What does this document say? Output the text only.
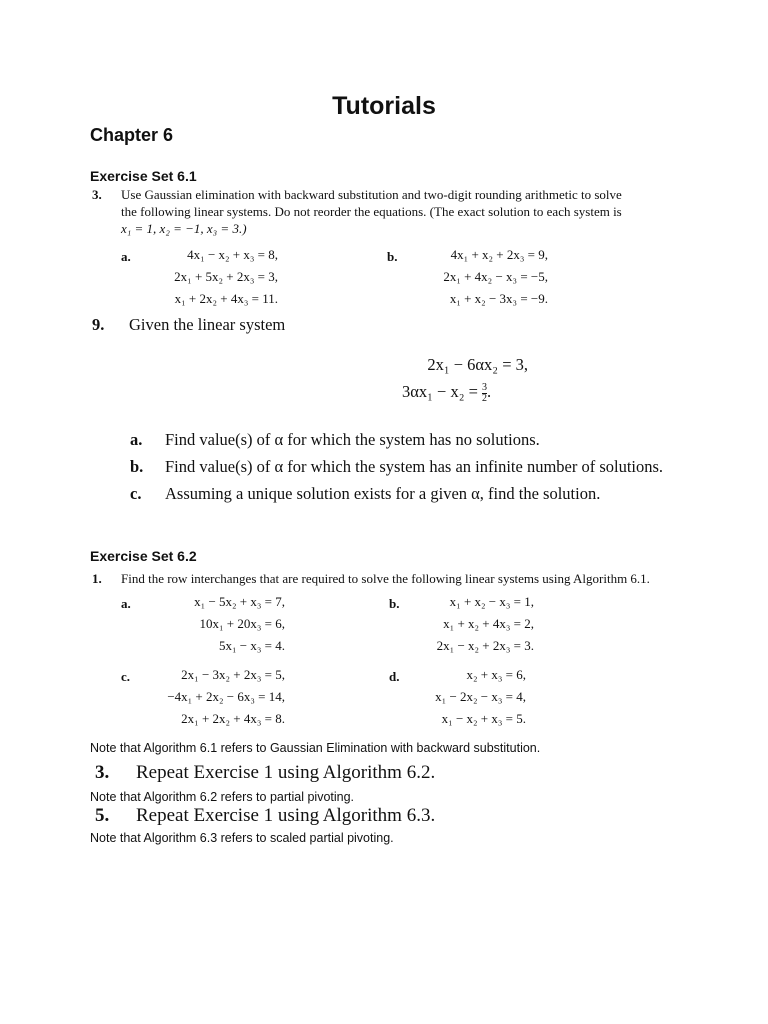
Tutorials
Chapter 6
Exercise Set 6.1
3. Use Gaussian elimination with backward substitution and two-digit rounding arithmetic to solve
the following linear systems. Do not reorder the equations. (The exact solution to each system is
x₁ = 1, x₂ = −1, x₃ = 3.)
a.	4x₁ − x₂ + x₃ = 8,
2x₁ + 5x₂ + 2x₃ = 3,
x₁ + 2x₂ + 4x₃ = 11.
b.	4x₁ + x₂ + 2x₃ = 9,
2x₁ + 4x₂ − x₃ = −5,
x₁ + x₂ − 3x₃ = −9.
9. Given the linear system
2x₁ − 6αx₂ = 3,
$3\alpha x_1 - x_2 = \frac{3}{2}$ .
a. Find value(s) of α for which the system has no solutions.
b. Find value(s) of α for which the system has an infinite number of solutions.
c. Assuming a unique solution exists for a given α, find the solution.
Exercise Set 6.2
1. Find the row interchanges that are required to solve the following linear systems using Algorithm 6.1.
a.	x₁ − 5x₂ + x₃ = 7,
10x₁ + 20x₃ = 6,
5x₁ − x₃ = 4.
b.	x₁ + x₂ − x₃ = 1,
x₁ + x₂ + 4x₃ = 2,
2x₁ − x₂ + 2x₃ = 3.
c.	2x₁ − 3x₂ + 2x₃ = 5,
−4x₁ + 2x₂ − 6x₃ = 14,
2x₁ + 2x₂ + 4x₃ = 8.
d.	x₂ + x₃ = 6,
x₁ − 2x₂ − x₃ = 4,
x₁ − x₂ + x₃ = 5.
Note that Algorithm 6.1 refers to Gaussian Elimination with backward substitution.
3. Repeat Exercise 1 using Algorithm 6.2.
Note that Algorithm 6.2 refers to partial pivoting.
5. Repeat Exercise 1 using Algorithm 6.3.
Note that Algorithm 6.3 refers to scaled partial pivoting.
